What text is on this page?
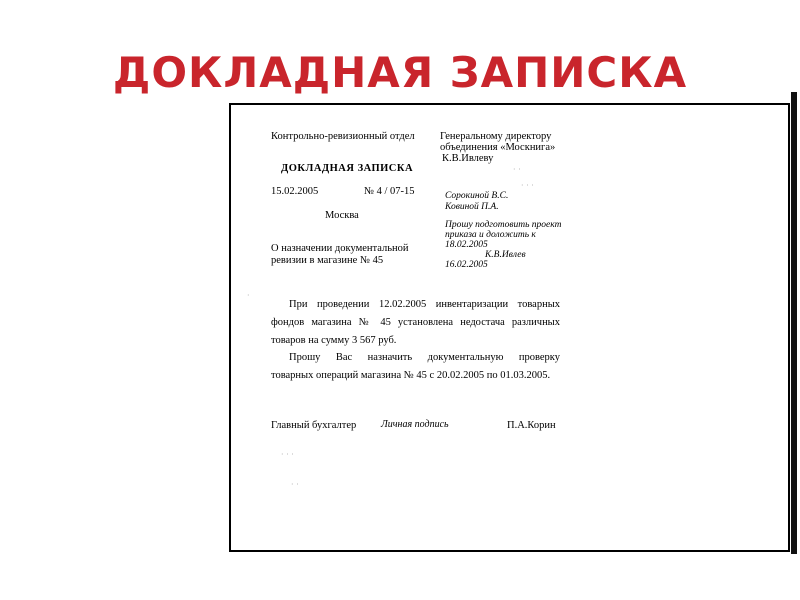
ДОКЛАДНАЯ ЗАПИСКА
Контрольно-ревизионный отдел Генеральному директору
объединения «Москнига»
К.В.Ивлеву
ДОКЛАДНАЯ ЗАПИСКА
15.02.2005	№ 4 / 07-15
Москва
О назначении документальной
ревизии в магазине № 45
Сорокиной В.С.
Ковиной П.А.
Прошу подготовить проект
приказа и доложить к
18.02.2005
К.В.Ивлев
16.02.2005
При проведении 12.02.2005 инвентаризации товарных
фондов магазина № 45 установлена недостача различных
товаров на сумму 3 567 руб.
Прошу Вас назначить документальную проверку
товарных операций магазина № 45 с 20.02.2005 по 01.03.2005.
Главный бухгалтер Личная подпись	П.А.Корин
· ·
· · ·
·
· · ·
· ·
